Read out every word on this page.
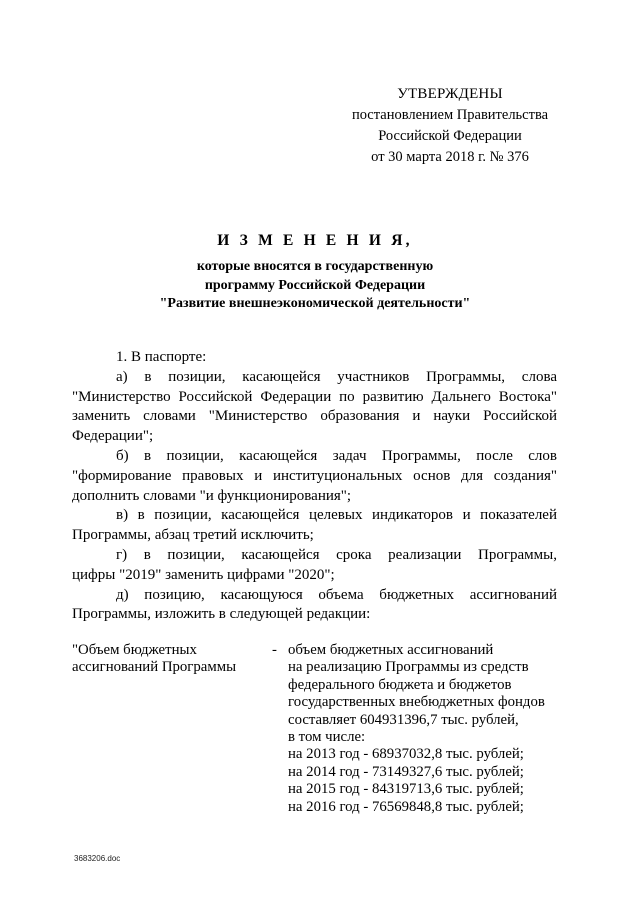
УТВЕРЖДЕНЫ
постановлением Правительства
Российской Федерации
от 30 марта 2018 г. № 376
И З М Е Н Е Н И Я,
которые вносятся в государственную
программу Российской Федерации
"Развитие внешнеэкономической деятельности"

1. В паспорте:

а) в позиции, касающейся участников Программы, слова
"Министерство Российской Федерации по развитию Дальнего Востока"
заменить словами "Министерство образования и науки Российской
Федерации";

б) в позиции, касающейся задач Программы, после слов
"формирование правовых и институциональных основ для создания"
дополнить словами "и функционирования";

в) в позиции, касающейся целевых индикаторов и показателей
Программы, абзац третий исключить;

г) в позиции, касающейся срока реализации Программы,
цифры "2019" заменить цифрами "2020";

д) позицию, касающуюся объема бюджетных ассигнований
Программы, изложить в следующей редакции:

"Объем бюджетных
ассигнований Программы
- объем бюджетных ассигнований
на реализацию Программы из средств
федерального бюджета и бюджетов
государственных внебюджетных фондов
составляет 604931396,7 тыс. рублей,
в том числе:
на 2013 год - 68937032,8 тыс. рублей;
на 2014 год - 73149327,6 тыс. рублей;
на 2015 год - 84319713,6 тыс. рублей;
на 2016 год - 76569848,8 тыс. рублей;
3683206.doc
